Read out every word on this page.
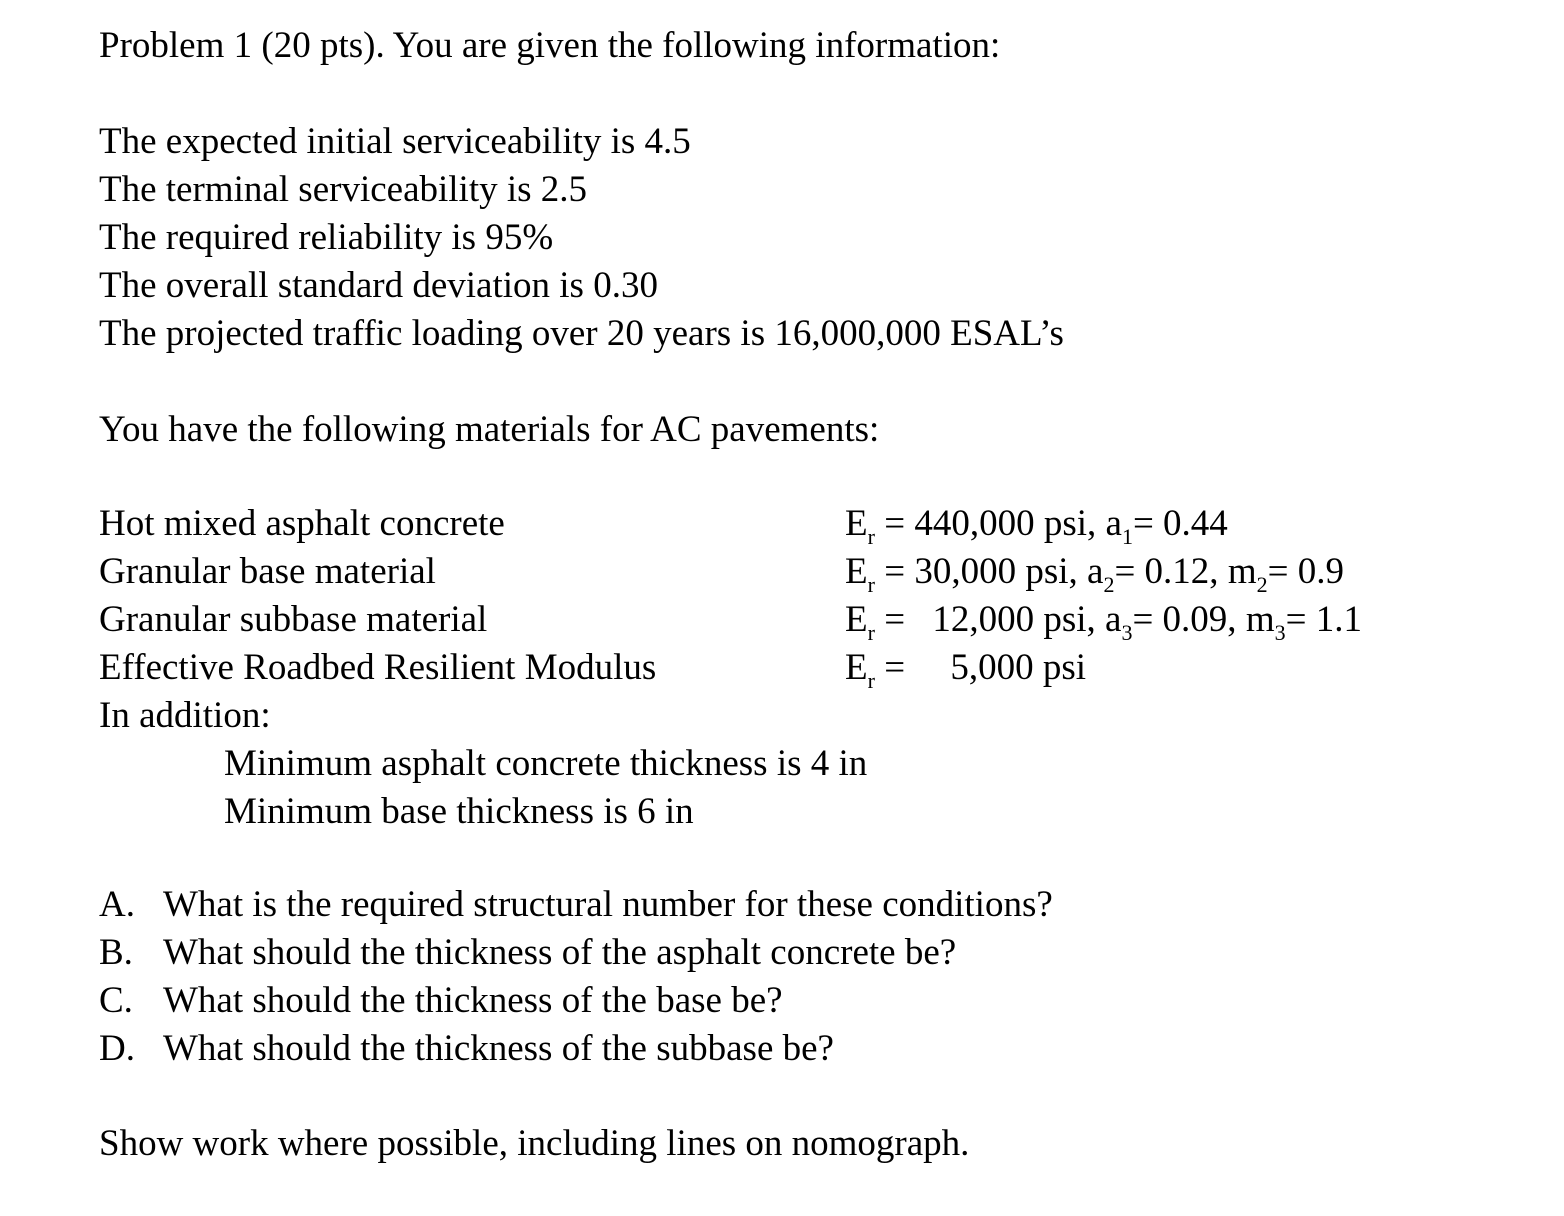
Problem 1 (20 pts). You are given the following information:
The expected initial serviceability is 4.5
The terminal serviceability is 2.5
The required reliability is 95%
The overall standard deviation is 0.30
The projected traffic loading over 20 years is 16,000,000 ESAL’s
You have the following materials for AC pavements:
Hot mixed asphalt concrete
Granular base material
Granular subbase material
Effective Roadbed Resilient Modulus
$E_r = 440,000$ psi, $a_1= 0.44$
$E_r = 30,000$ psi, $a_2= 0.12$, $m_2= 0.9$
$E_r = 12,000$ psi, $a_3= 0.09$, $m_3= 1.1$
$E_r = 5,000$ psi
In addition:
Minimum asphalt concrete thickness is 4 in
Minimum base thickness is 6 in
A. What is the required structural number for these conditions?
B. What should the thickness of the asphalt concrete be?
C. What should the thickness of the base be?
D. What should the thickness of the subbase be?
Show work where possible, including lines on nomograph.
